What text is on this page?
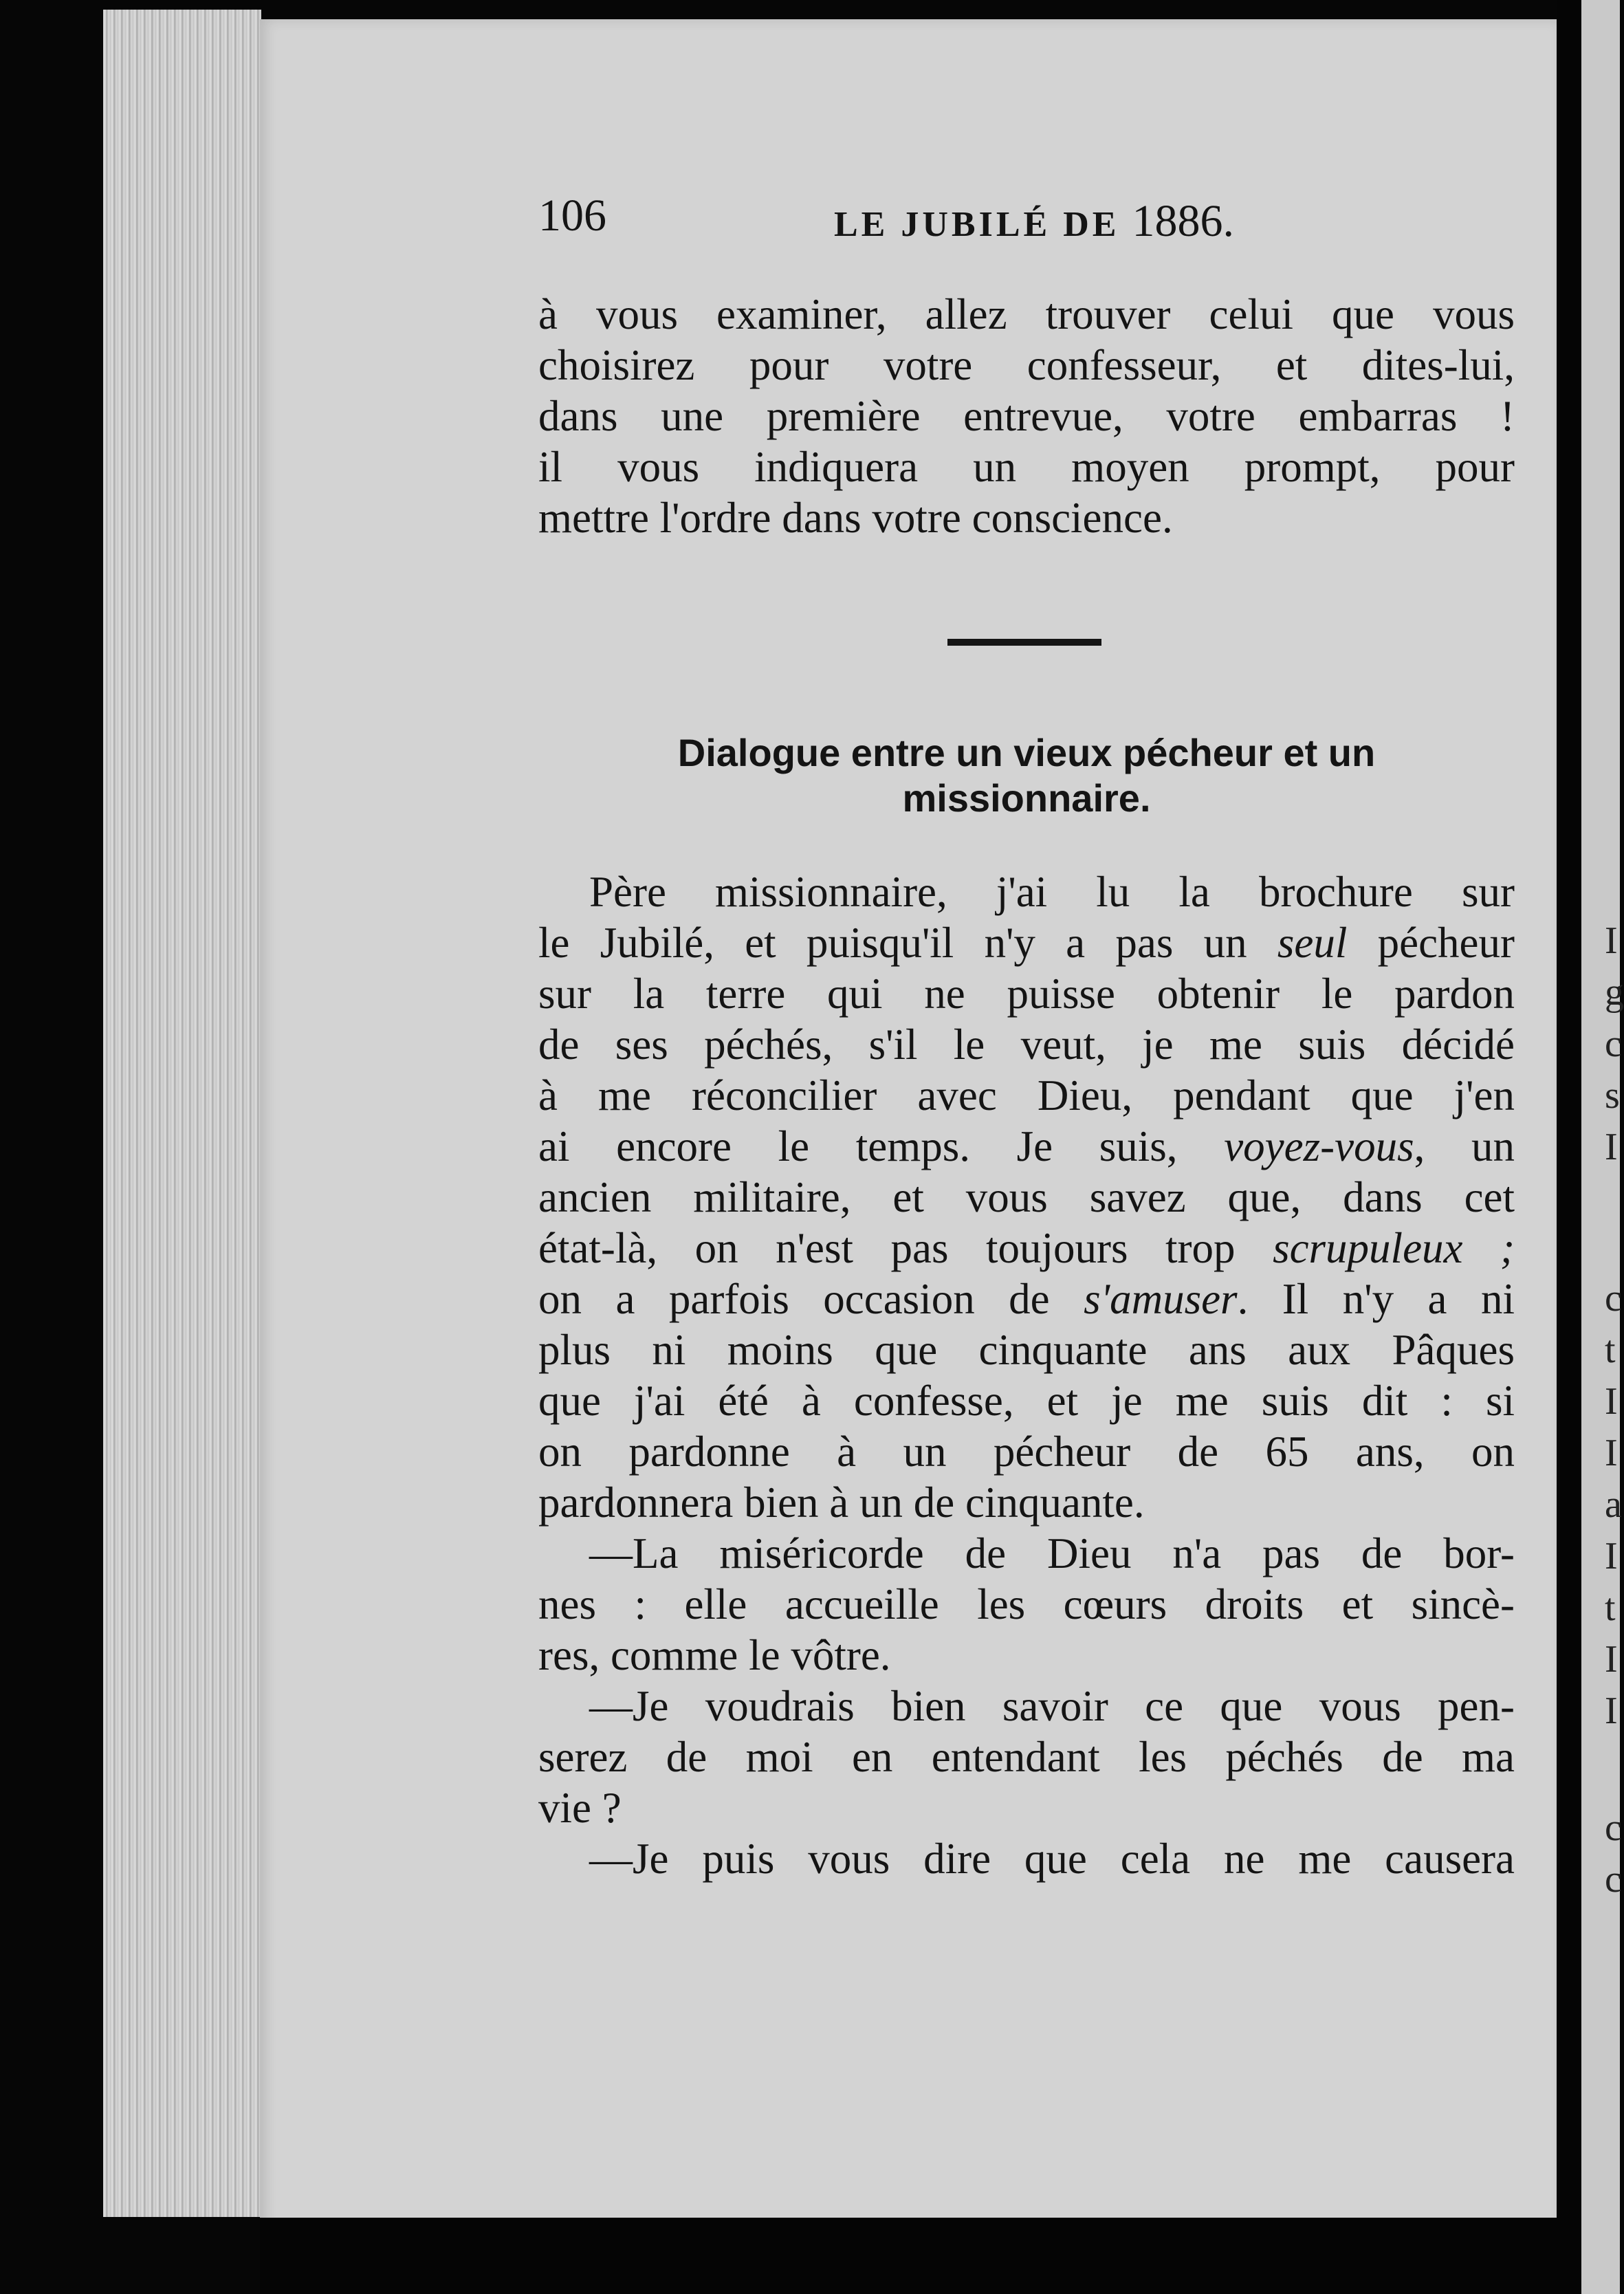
I
g
c
s
I
c
t
I
I
a
I
t
I
I
c
c
106	LE JUBILÉ DE 1886.
à vous examiner, allez trouver celui que vous
choisirez pour votre confesseur, et dites-lui,
dans une première entrevue, votre embarras !
il vous indiquera un moyen prompt, pour
mettre l'ordre dans votre conscience.
Dialogue entre un vieux pécheur et un
missionnaire.
Père missionnaire, j'ai lu la brochure sur
le Jubilé, et puisqu'il n'y a pas un seul pécheur
sur la terre qui ne puisse obtenir le pardon
de ses péchés, s'il le veut, je me suis décidé
à me réconcilier avec Dieu, pendant que j'en
ai encore le temps. Je suis, voyez-vous, un
ancien militaire, et vous savez que, dans cet
état-là, on n'est pas toujours trop scrupuleux ;
on a parfois occasion de s'amuser. Il n'y a ni
plus ni moins que cinquante ans aux Pâques
que j'ai été à confesse, et je me suis dit : si
on pardonne à un pécheur de 65 ans, on
pardonnera bien à un de cinquante.
—La miséricorde de Dieu n'a pas de bor-
nes : elle accueille les cœurs droits et sincè-
res, comme le vôtre.
—Je voudrais bien savoir ce que vous pen-
serez de moi en entendant les péchés de ma
vie ?
—Je puis vous dire que cela ne me causera
